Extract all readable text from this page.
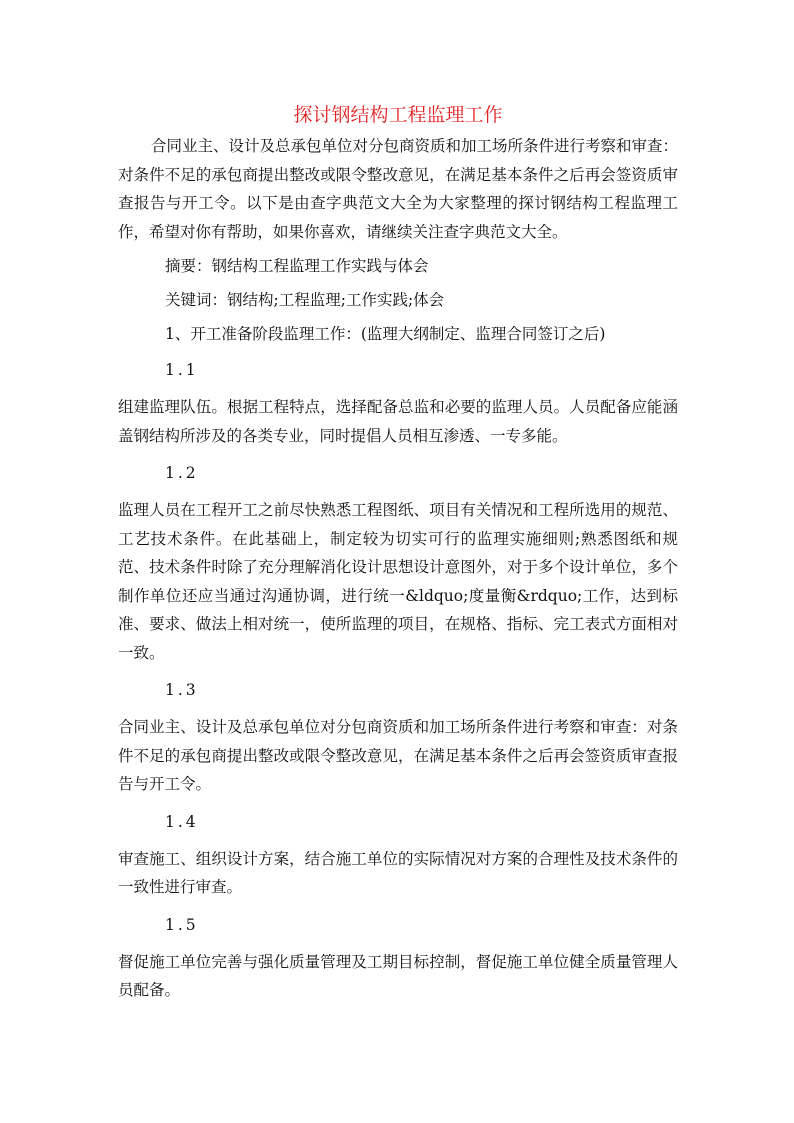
探讨钢结构工程监理工作

合同业主、设计及总承包单位对分包商资质和加工场所条件进行考察和审查：对条件不足的承包商提出整改或限令整改意见，在满足基本条件之后再会签资质审查报告与开工令。以下是由查字典范文大全为大家整理的探讨钢结构工程监理工作，希望对你有帮助，如果你喜欢，请继续关注查字典范文大全。

摘要：钢结构工程监理工作实践与体会

关键词：钢结构;工程监理;工作实践;体会

1、开工准备阶段监理工作：(监理大纲制定、监理合同签订之后)

1.1

组建监理队伍。根据工程特点，选择配备总监和必要的监理人员。人员配备应能涵盖钢结构所涉及的各类专业，同时提倡人员相互渗透、一专多能。

1.2

监理人员在工程开工之前尽快熟悉工程图纸、项目有关情况和工程所选用的规范、工艺技术条件。在此基础上，制定较为切实可行的监理实施细则;熟悉图纸和规范、技术条件时除了充分理解消化设计思想设计意图外，对于多个设计单位，多个制作单位还应当通过沟通协调，进行统一&ldquo;度量衡&rdquo;工作，达到标准、要求、做法上相对统一，使所监理的项目，在规格、指标、完工表式方面相对一致。

1.3

合同业主、设计及总承包单位对分包商资质和加工场所条件进行考察和审查：对条件不足的承包商提出整改或限令整改意见，在满足基本条件之后再会签资质审查报告与开工令。

1.4

审查施工、组织设计方案，结合施工单位的实际情况对方案的合理性及技术条件的一致性进行审查。

1.5

督促施工单位完善与强化质量管理及工期目标控制，督促施工单位健全质量管理人员配备。
